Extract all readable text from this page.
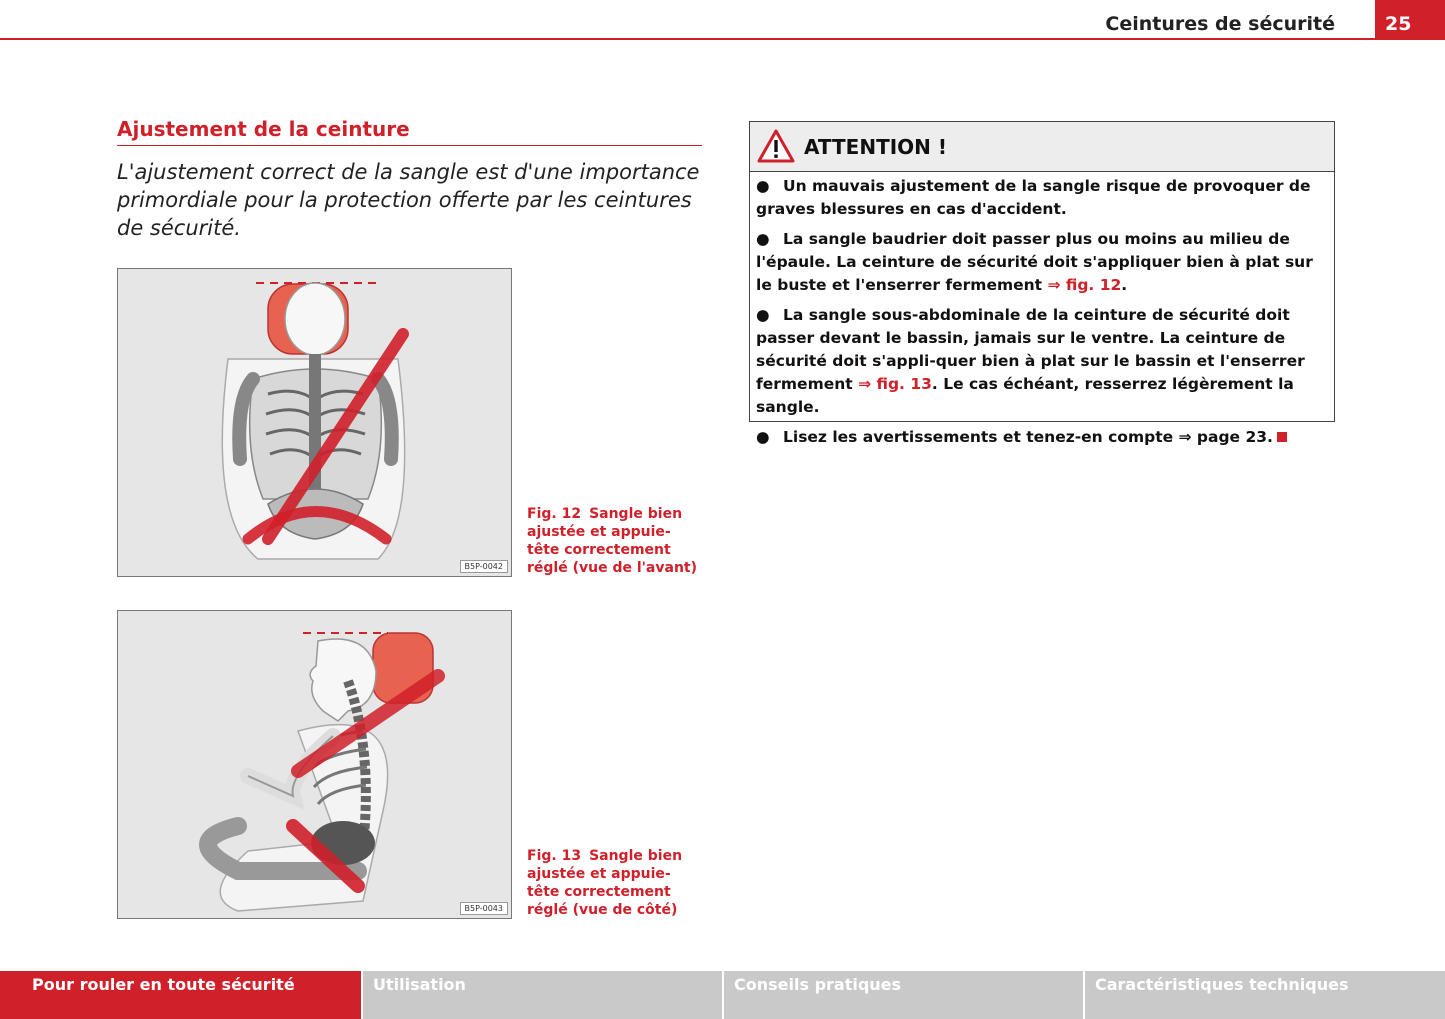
Ceintures de sécurité	25
Ajustement de la ceinture

L'ajustement correct de la sangle est d'une importance primordiale pour la protection offerte par les ceintures de sécurité.

B5P-0042
Fig. 12 Sangle bien ajustée et appuie-tête correctement réglé (vue de l'avant)
B5P-0043
Fig. 13 Sangle bien ajustée et appuie-tête correctement réglé (vue de côté)
ATTENTION !
● Un mauvais ajustement de la sangle risque de provoquer de graves blessures en cas d'accident.
● La sangle baudrier doit passer plus ou moins au milieu de l'épaule. La ceinture de sécurité doit s'appliquer bien à plat sur le buste et l'enserrer fermement ⇒ fig. 12.
● La sangle sous-abdominale de la ceinture de sécurité doit passer devant le bassin, jamais sur le ventre. La ceinture de sécurité doit s'appli-quer bien à plat sur le bassin et l'enserrer fermement ⇒ fig. 13. Le cas échéant, resserrez légèrement la sangle.
● Lisez les avertissements et tenez-en compte ⇒ page 23.
Pour rouler en toute sécurité	Utilisation	Conseils pratiques	Caractéristiques techniques
